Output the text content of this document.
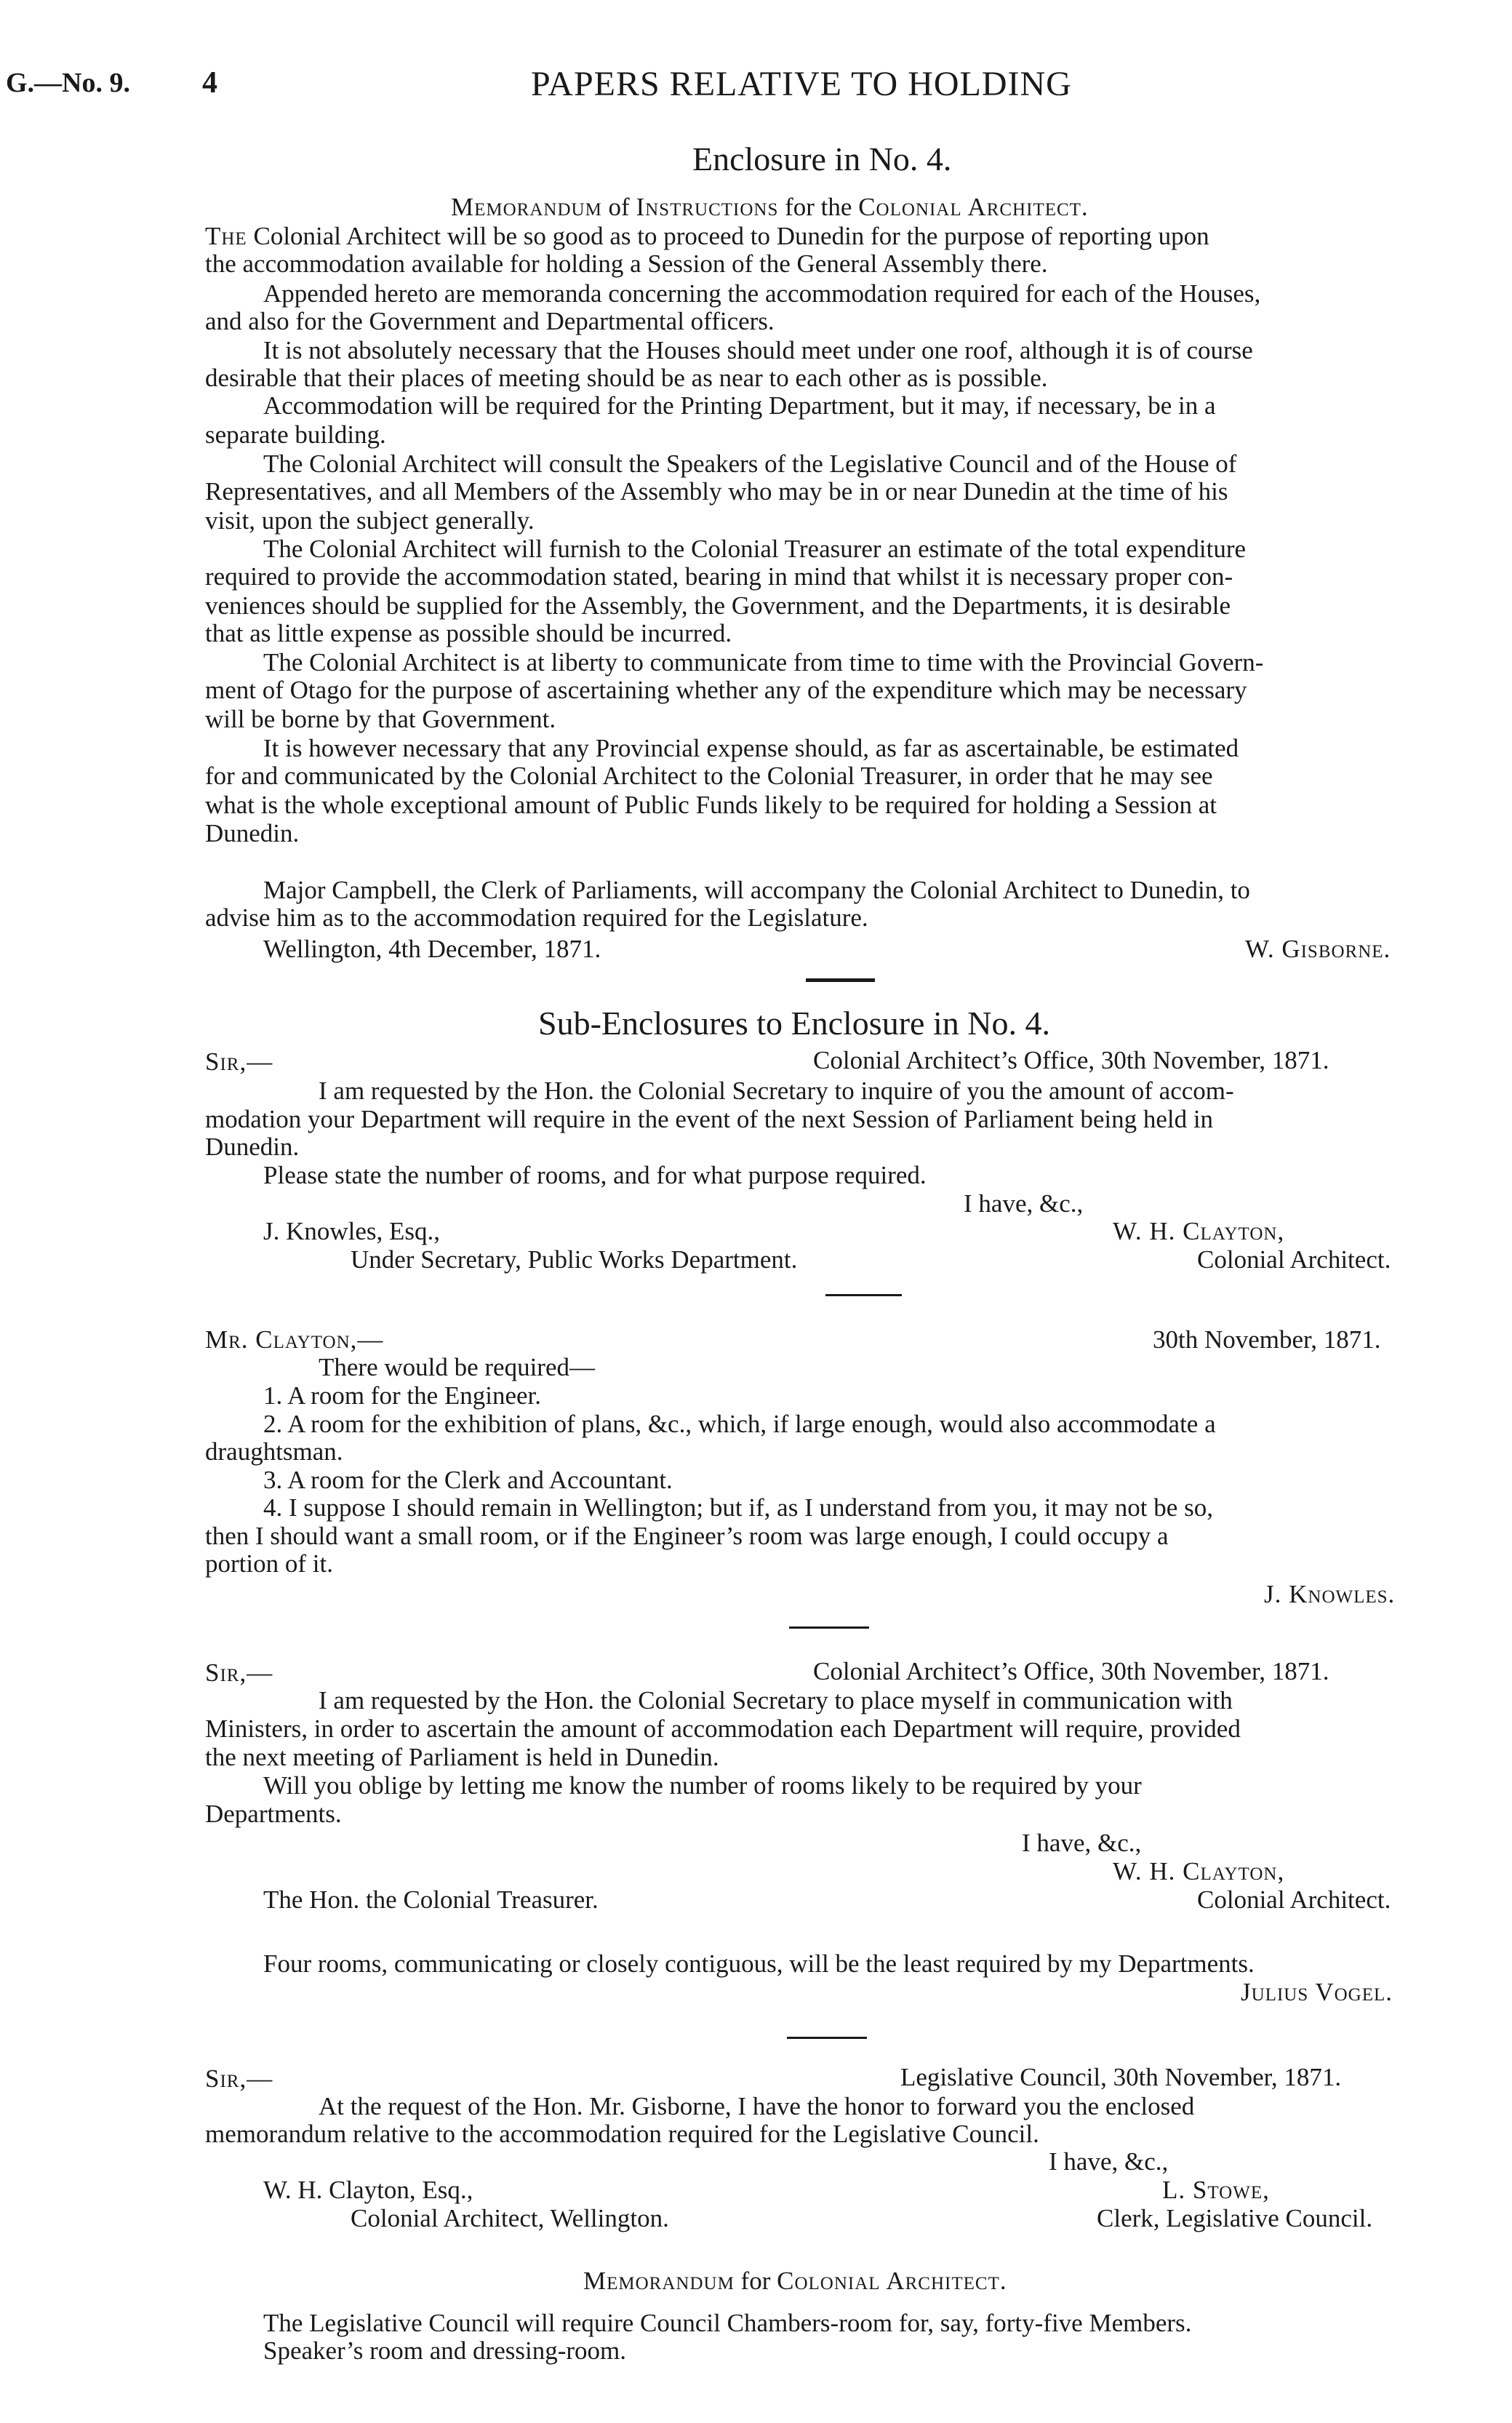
G.—No. 9. 4	PAPERS RELATIVE TO HOLDING
Enclosure in No. 4.
Memorandum of Instructions for the Colonial Architect.
The Colonial Architect will be so good as to proceed to Dunedin for the purpose of reporting upon
the accommodation available for holding a Session of the General Assembly there.
Appended hereto are memoranda concerning the accommodation required for each of the Houses,
and also for the Government and Departmental officers.
It is not absolutely necessary that the Houses should meet under one roof, although it is of course
desirable that their places of meeting should be as near to each other as is possible.
Accommodation will be required for the Printing Department, but it may, if necessary, be in a
separate building.
The Colonial Architect will consult the Speakers of the Legislative Council and of the House of
Representatives, and all Members of the Assembly who may be in or near Dunedin at the time of his
visit, upon the subject generally.
The Colonial Architect will furnish to the Colonial Treasurer an estimate of the total expenditure
required to provide the accommodation stated, bearing in mind that whilst it is necessary proper con-
veniences should be supplied for the Assembly, the Government, and the Departments, it is desirable
that as little expense as possible should be incurred.
The Colonial Architect is at liberty to communicate from time to time with the Provincial Govern-
ment of Otago for the purpose of ascertaining whether any of the expenditure which may be necessary
will be borne by that Government.
It is however necessary that any Provincial expense should, as far as ascertainable, be estimated
for and communicated by the Colonial Architect to the Colonial Treasurer, in order that he may see
what is the whole exceptional amount of Public Funds likely to be required for holding a Session at
Dunedin.
Major Campbell, the Clerk of Parliaments, will accompany the Colonial Architect to Dunedin, to
advise him as to the accommodation required for the Legislature.
Wellington, 4th December, 1871.	W. Gisborne.
Sub-Enclosures to Enclosure in No. 4.
Sir,—	Colonial Architect’s Office, 30th November, 1871.
I am requested by the Hon. the Colonial Secretary to inquire of you the amount of accom-
modation your Department will require in the event of the next Session of Parliament being held in
Dunedin.
Please state the number of rooms, and for what purpose required.
I have, &c.,
J. Knowles, Esq.,	W. H. Clayton,
Under Secretary, Public Works Department.	Colonial Architect.
Mr. Clayton,—	30th November, 1871.
There would be required—
1. A room for the Engineer.
2. A room for the exhibition of plans, &c., which, if large enough, would also accommodate a
draughtsman.
3. A room for the Clerk and Accountant.
4. I suppose I should remain in Wellington; but if, as I understand from you, it may not be so,
then I should want a small room, or if the Engineer’s room was large enough, I could occupy a
portion of it.
J. Knowles.
Sir,—	Colonial Architect’s Office, 30th November, 1871.
I am requested by the Hon. the Colonial Secretary to place myself in communication with
Ministers, in order to ascertain the amount of accommodation each Department will require, provided
the next meeting of Parliament is held in Dunedin.
Will you oblige by letting me know the number of rooms likely to be required by your
Departments.
I have, &c.,
W. H. Clayton,
The Hon. the Colonial Treasurer.	Colonial Architect.
Four rooms, communicating or closely contiguous, will be the least required by my Departments.
Julius Vogel.
Sir,—	Legislative Council, 30th November, 1871.
At the request of the Hon. Mr. Gisborne, I have the honor to forward you the enclosed
memorandum relative to the accommodation required for the Legislative Council.
I have, &c.,
W. H. Clayton, Esq.,	L. Stowe,
Colonial Architect, Wellington.	Clerk, Legislative Council.
Memorandum for Colonial Architect.
The Legislative Council will require Council Chambers-room for, say, forty-five Members.
Speaker’s room and dressing-room.
